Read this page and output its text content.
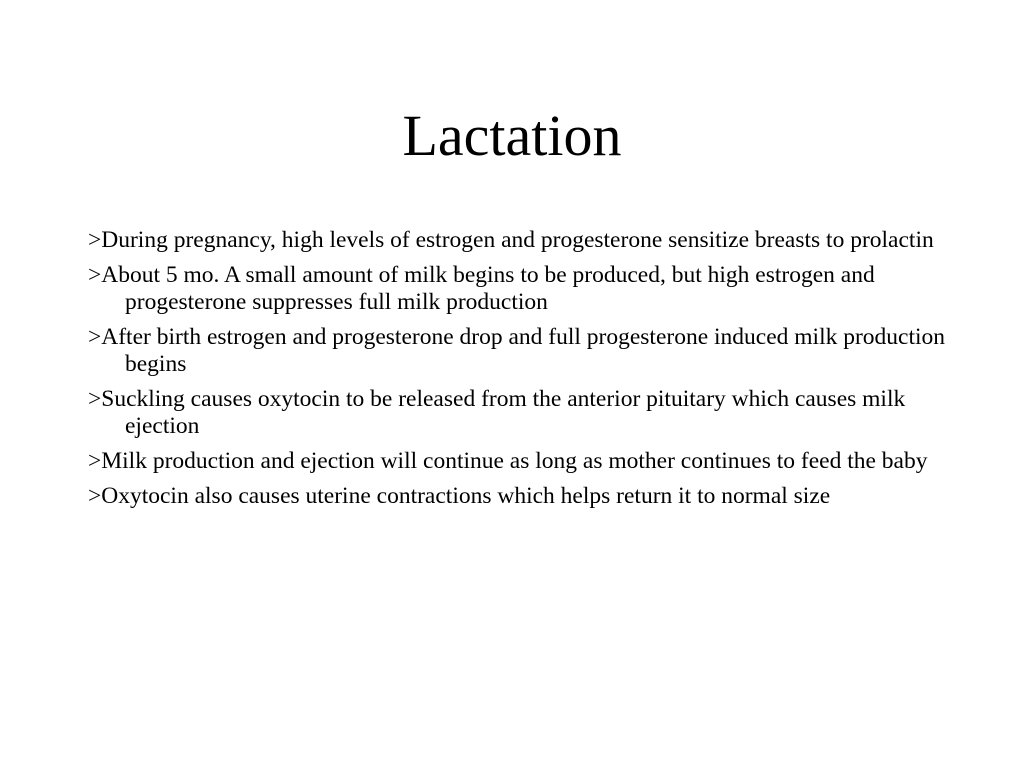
Lactation
>During pregnancy, high levels of estrogen and progesterone sensitize breasts to prolactin
>About 5 mo. A small amount of milk begins to be produced, but high estrogen and progesterone suppresses full milk production
>After birth estrogen and progesterone drop and full progesterone induced milk production begins
>Suckling causes oxytocin to be released from the anterior pituitary which causes milk ejection
>Milk production and ejection will continue as long as mother continues to feed the baby
>Oxytocin also causes uterine contractions which helps return it to normal size
